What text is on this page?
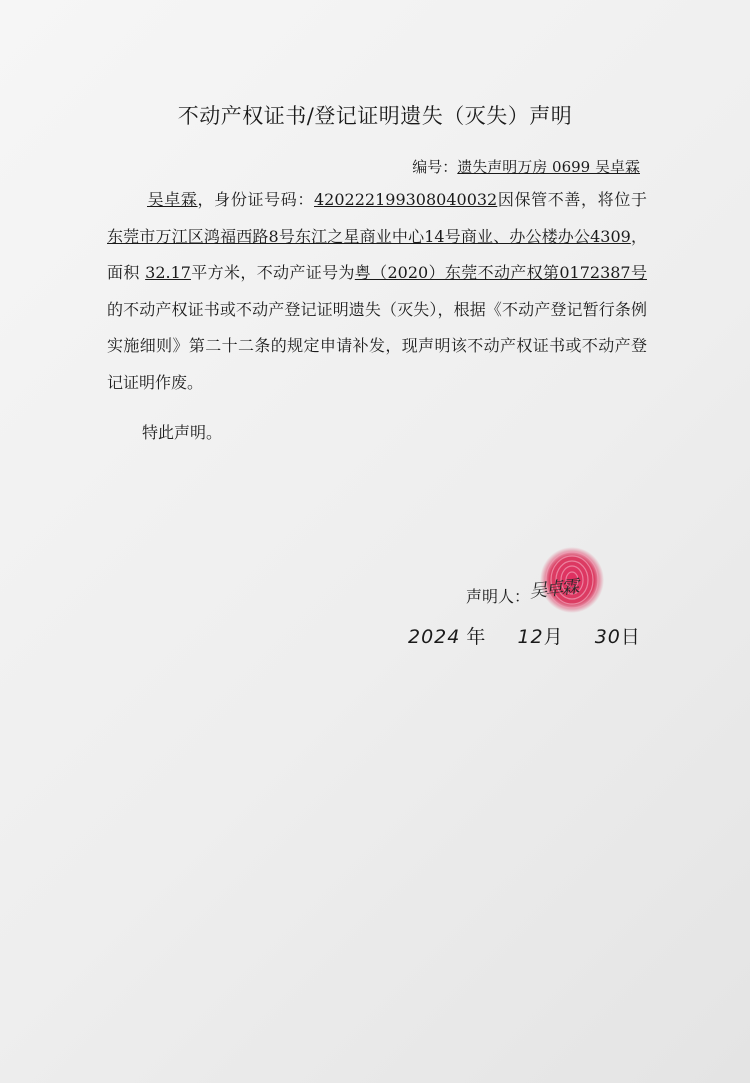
不动产权证书/登记证明遗失（灭失）声明
编号：遗失声明万房 0699 吴卓霖
吴卓霖，身份证号码：420222199308040032因保管不善，将位于东莞市万江区鸿福西路8号东江之星商业中心14号商业、办公楼办公4309，面积 32.17平方米，不动产证号为粤（2020）东莞不动产权第0172387号的不动产权证书或不动产登记证明遗失（灭失），根据《不动产登记暂行条例实施细则》第二十二条的规定申请补发，现声明该不动产权证书或不动产登记证明作废。
特此声明。
声明人：
吴卓霖
2024 年 12月 30日
